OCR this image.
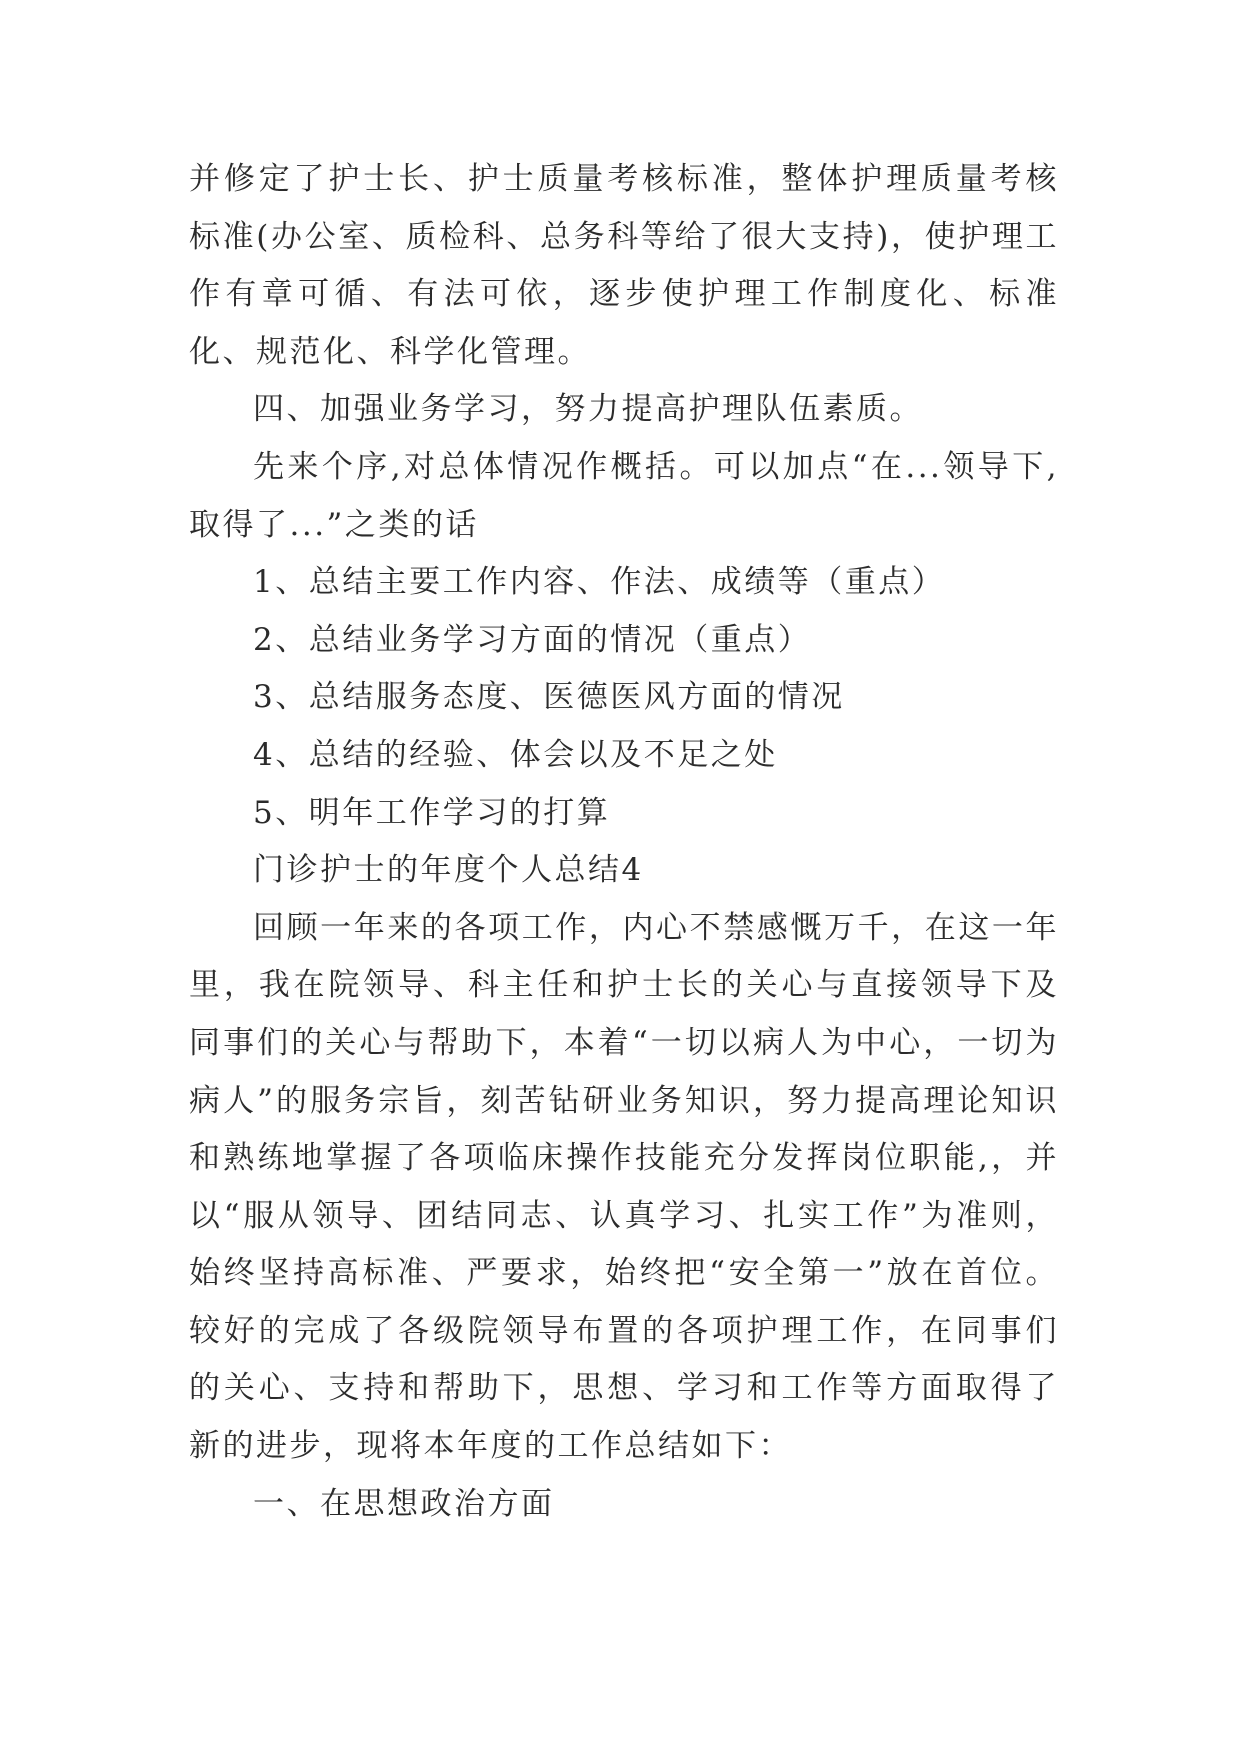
并修定了护士长、护士质量考核标准，整体护理质量考核标准(办公室、质检科、总务科等给了很大支持)，使护理工作有章可循、有法可依，逐步使护理工作制度化、标准化、规范化、科学化管理。

四、加强业务学习，努力提高护理队伍素质。

先来个序,对总体情况作概括。可以加点“在...领导下,取得了...”之类的话

1、总结主要工作内容、作法、成绩等（重点）

2、总结业务学习方面的情况（重点）

3、总结服务态度、医德医风方面的情况

4、总结的经验、体会以及不足之处

5、明年工作学习的打算

门诊护士的年度个人总结4

回顾一年来的各项工作，内心不禁感慨万千，在这一年里，我在院领导、科主任和护士长的关心与直接领导下及同事们的关心与帮助下，本着“一切以病人为中心，一切为病人”的服务宗旨，刻苦钻研业务知识，努力提高理论知识和熟练地掌握了各项临床操作技能充分发挥岗位职能,，并以“服从领导、团结同志、认真学习、扎实工作”为准则，始终坚持高标准、严要求，始终把“安全第一”放在首位。较好的完成了各级院领导布置的各项护理工作，在同事们的关心、支持和帮助下，思想、学习和工作等方面取得了新的进步，现将本年度的工作总结如下：

一、在思想政治方面
